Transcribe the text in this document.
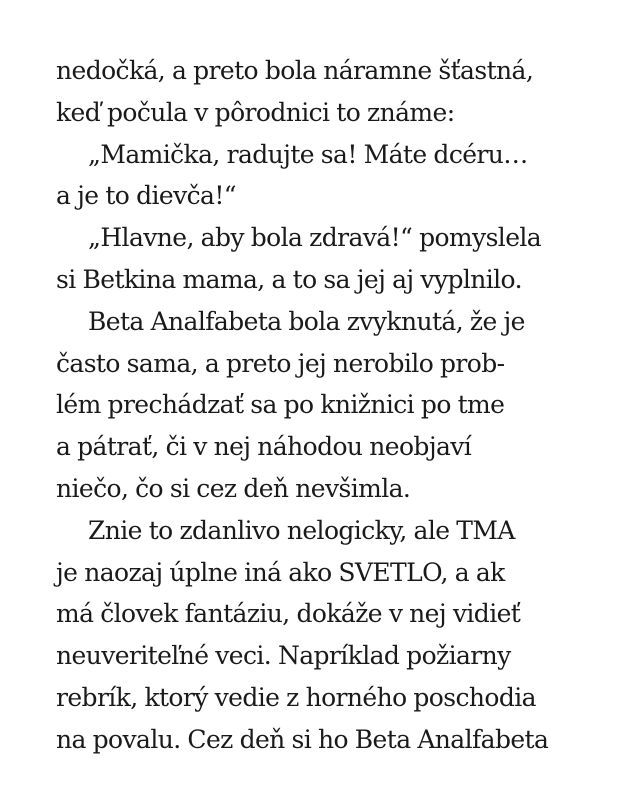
nedočká, a preto bola náramne šťastná,
keď počula v pôrodnici to známe:
„Mamička, radujte sa! Máte dcéru…
a je to dievča!“
„Hlavne, aby bola zdravá!“ pomyslela
si Betkina mama, a to sa jej aj vyplnilo.
Beta Analfabeta bola zvyknutá, že je
často sama, a preto jej nerobilo prob-
lém prechádzať sa po knižnici po tme
a pátrať, či v nej náhodou neobjaví
niečo, čo si cez deň nevšimla.
Znie to zdanlivo nelogicky, ale TMA
je naozaj úplne iná ako SVETLO, a ak
má človek fantáziu, dokáže v nej vidieť
neuveriteľné veci. Napríklad požiarny
rebrík, ktorý vedie z horného poschodia
na povalu. Cez deň si ho Beta Analfabeta
